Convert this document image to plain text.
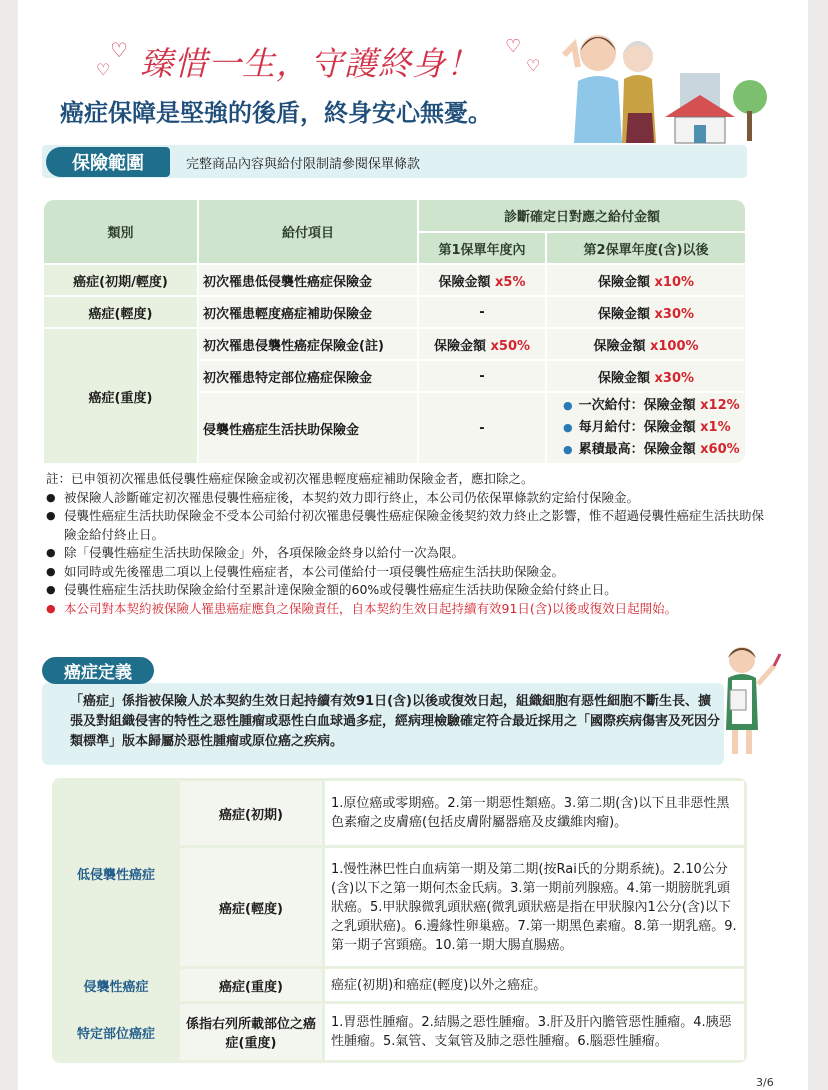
♡
♡
♡
♡
臻惜一生，守護終身！
癌症保障是堅強的後盾，終身安心無憂。
保險範圍	完整商品內容與給付限制請參閱保單條款
類別	給付項目	診斷確定日對應之給付金額	
		第1保單年度內	第2保單年度(含)以後
癌症(初期/輕度)	初次罹患低侵襲性癌症保險金	保險金額 x5%	保險金額 x10%
癌症(輕度)	初次罹患輕度癌症補助保險金	-	保險金額 x30%
癌症(重度)	初次罹患侵襲性癌症保險金(註)	保險金額 x50%	保險金額 x100%
	初次罹患特定部位癌症保險金	-	保險金額 x30%
	侵襲性癌症生活扶助保險金	-	● 一次給付：保險金額 x12%
● 每月給付：保險金額 x1%
● 累積最高：保險金額 x60%
註：已申領初次罹患低侵襲性癌症保險金或初次罹患輕度癌症補助保險金者，應扣除之。
● 被保險人診斷確定初次罹患侵襲性癌症後，本契約效力即行終止，本公司仍依保單條款約定給付保險金。
● 侵襲性癌症生活扶助保險金不受本公司給付初次罹患侵襲性癌症保險金後契約效力終止之影響，惟不超過侵襲性癌症生活扶助保險金給付終止日。
● 除「侵襲性癌症生活扶助保險金」外，各項保險金終身以給付一次為限。
● 如同時或先後罹患二項以上侵襲性癌症者，本公司僅給付一項侵襲性癌症生活扶助保險金。
● 侵襲性癌症生活扶助保險金給付至累計達保險金額的60%或侵襲性癌症生活扶助保險金給付終止日。
● 本公司對本契約被保險人罹患癌症應負之保險責任，自本契約生效日起持續有效91日(含)以後或復效日起開始。
癌症定義
「癌症」係指被保險人於本契約生效日起持續有效91日(含)以後或復效日起，組織細胞有惡性細胞不斷生長、擴張及對組織侵害的特性之惡性腫瘤或惡性白血球過多症，經病理檢驗確定符合最近採用之「國際疾病傷害及死因分類標準」版本歸屬於惡性腫瘤或原位癌之疾病。
低侵襲性癌症	癌症(初期)	1.原位癌或零期癌。2.第一期惡性類癌。3.第二期(含)以下且非惡性黑色素瘤之皮膚癌(包括皮膚附屬器癌及皮纖維肉瘤)。
	癌症(輕度)	1.慢性淋巴性白血病第一期及第二期(按Rai氏的分期系統)。2.10公分(含)以下之第一期何杰金氏病。3.第一期前列腺癌。4.第一期膀胱乳頭狀癌。5.甲狀腺微乳頭狀癌(微乳頭狀癌是指在甲狀腺內1公分(含)以下之乳頭狀癌)。6.邊緣性卵巢癌。7.第一期黑色素瘤。8.第一期乳癌。9.第一期子宮頸癌。10.第一期大腸直腸癌。
侵襲性癌症	癌症(重度)	癌症(初期)和癌症(輕度)以外之癌症。
特定部位癌症	係指右列所載部位之癌症(重度)	1.胃惡性腫瘤。2.結腸之惡性腫瘤。3.肝及肝內膽管惡性腫瘤。4.胰惡性腫瘤。5.氣管、支氣管及肺之惡性腫瘤。6.腦惡性腫瘤。
3/6
